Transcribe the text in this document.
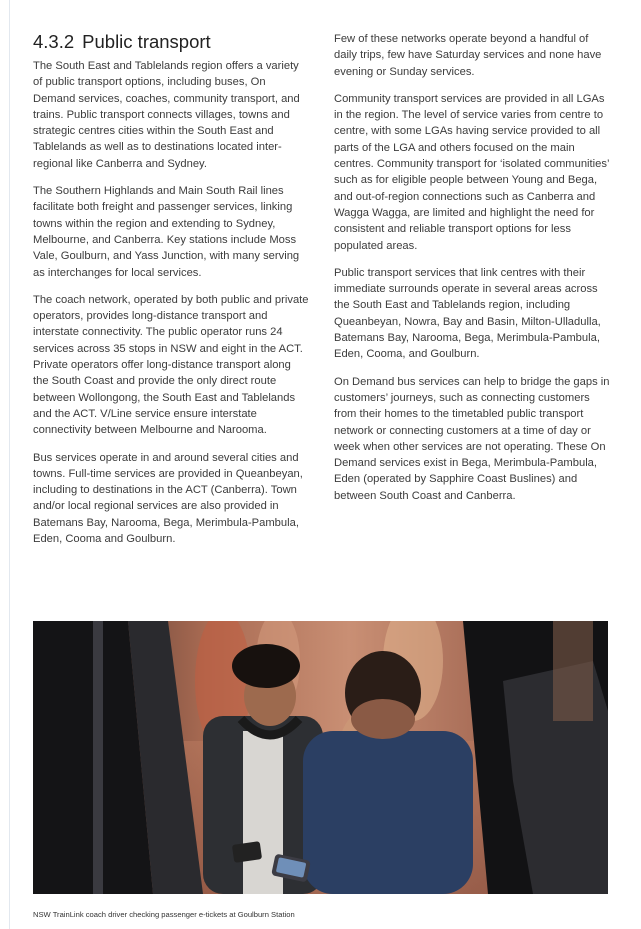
4.3.2 Public transport

The South East and Tablelands region offers a variety of public transport options, including buses, On Demand services, coaches, community transport, and trains. Public transport connects villages, towns and strategic centres cities within the South East and Tablelands as well as to destinations located inter-regional like Canberra and Sydney.

The Southern Highlands and Main South Rail lines facilitate both freight and passenger services, linking towns within the region and extending to Sydney, Melbourne, and Canberra. Key stations include Moss Vale, Goulburn, and Yass Junction, with many serving as interchanges for local services.

The coach network, operated by both public and private operators, provides long-distance transport and interstate connectivity. The public operator runs 24 services across 35 stops in NSW and eight in the ACT. Private operators offer long-distance transport along the South Coast and provide the only direct route between Wollongong, the South East and Tablelands and the ACT. V/Line service ensure interstate connectivity between Melbourne and Narooma.

Bus services operate in and around several cities and towns. Full-time services are provided in Queanbeyan, including to destinations in the ACT (Canberra). Town and/or local regional services are also provided in Batemans Bay, Narooma, Bega, Merimbula-Pambula, Eden, Cooma and Goulburn.

Few of these networks operate beyond a handful of daily trips, few have Saturday services and none have evening or Sunday services.

Community transport services are provided in all LGAs in the region. The level of service varies from centre to centre, with some LGAs having service provided to all parts of the LGA and others focused on the main centres. Community transport for ‘isolated communities’ such as for eligible people between Young and Bega, and out-of-region connections such as Canberra and Wagga Wagga, are limited and highlight the need for consistent and reliable transport options for less populated areas.

Public transport services that link centres with their immediate surrounds operate in several areas across the South East and Tablelands region, including Queanbeyan, Nowra, Bay and Basin, Milton-Ulladulla, Batemans Bay, Narooma, Bega, Merimbula-Pambula, Eden, Cooma, and Goulburn.

On Demand bus services can help to bridge the gaps in customers’ journeys, such as connecting customers from their homes to the timetabled public transport network or connecting customers at a time of day or week when other services are not operating. These On Demand services exist in Bega, Merimbula-Pambula, Eden (operated by Sapphire Coast Buslines) and between South Coast and Canberra.

NSW TrainLink coach driver checking passenger e-tickets at Goulburn Station
